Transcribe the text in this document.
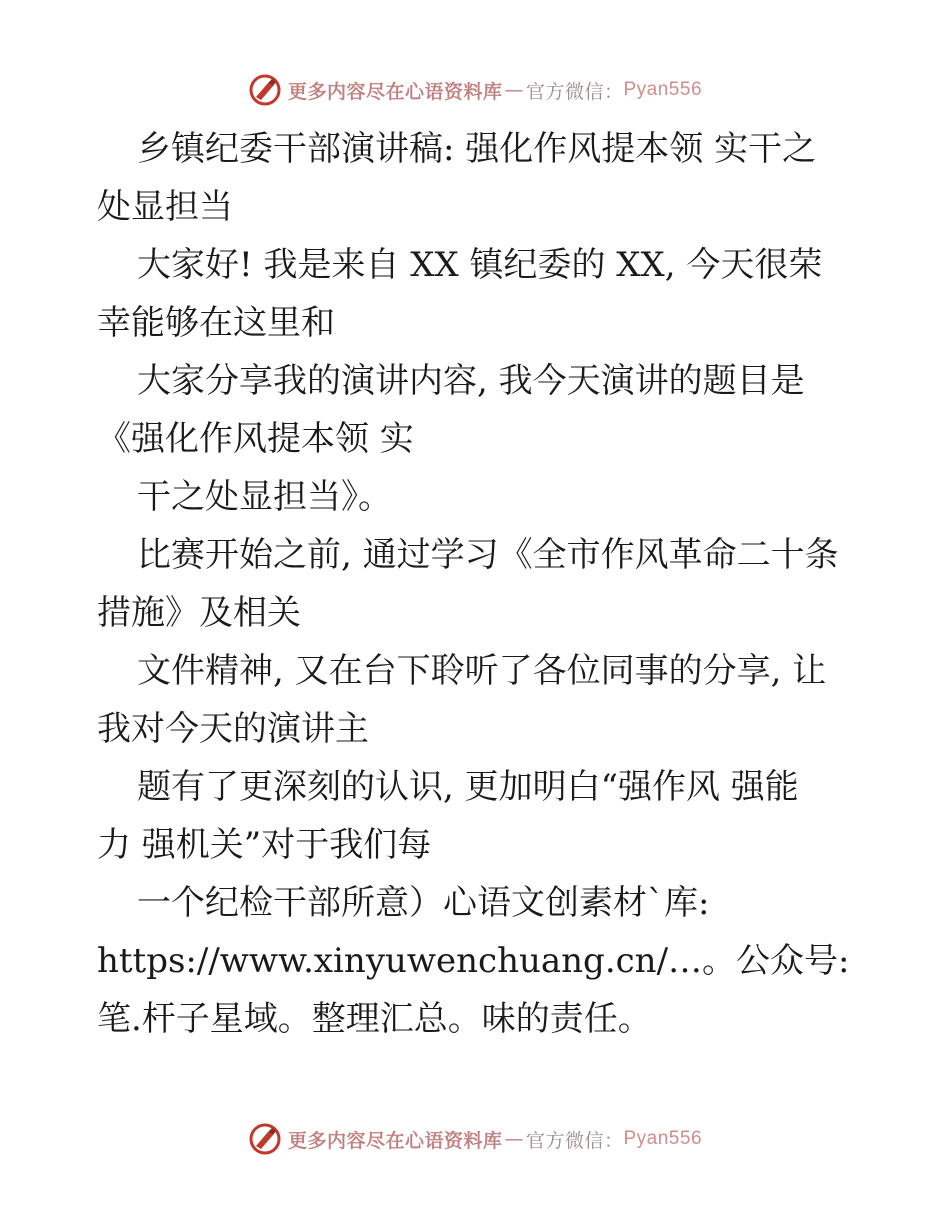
更多内容尽在心语资料库 — 官方微信： Pyan556
乡镇纪委干部演讲稿: 强化作风提本领 实干之
处显担当
大家好! 我是来自 XX 镇纪委的 XX, 今天很荣
幸能够在这里和
大家分享我的演讲内容, 我今天演讲的题目是
《强化作风提本领 实
干之处显担当》。
比赛开始之前, 通过学习《全市作风革命二十条
措施》及相关
文件精神, 又在台下聆听了各位同事的分享, 让
我对今天的演讲主
题有了更深刻的认识, 更加明白“强作风 强能
力 强机关”对于我们每
一个纪检干部所意）心语文创素材`库:
https://www.xinyuwenchuang.cn/…。公众号:
笔.杆子星域。整理汇总。味的责任。
更多内容尽在心语资料库 — 官方微信： Pyan556
